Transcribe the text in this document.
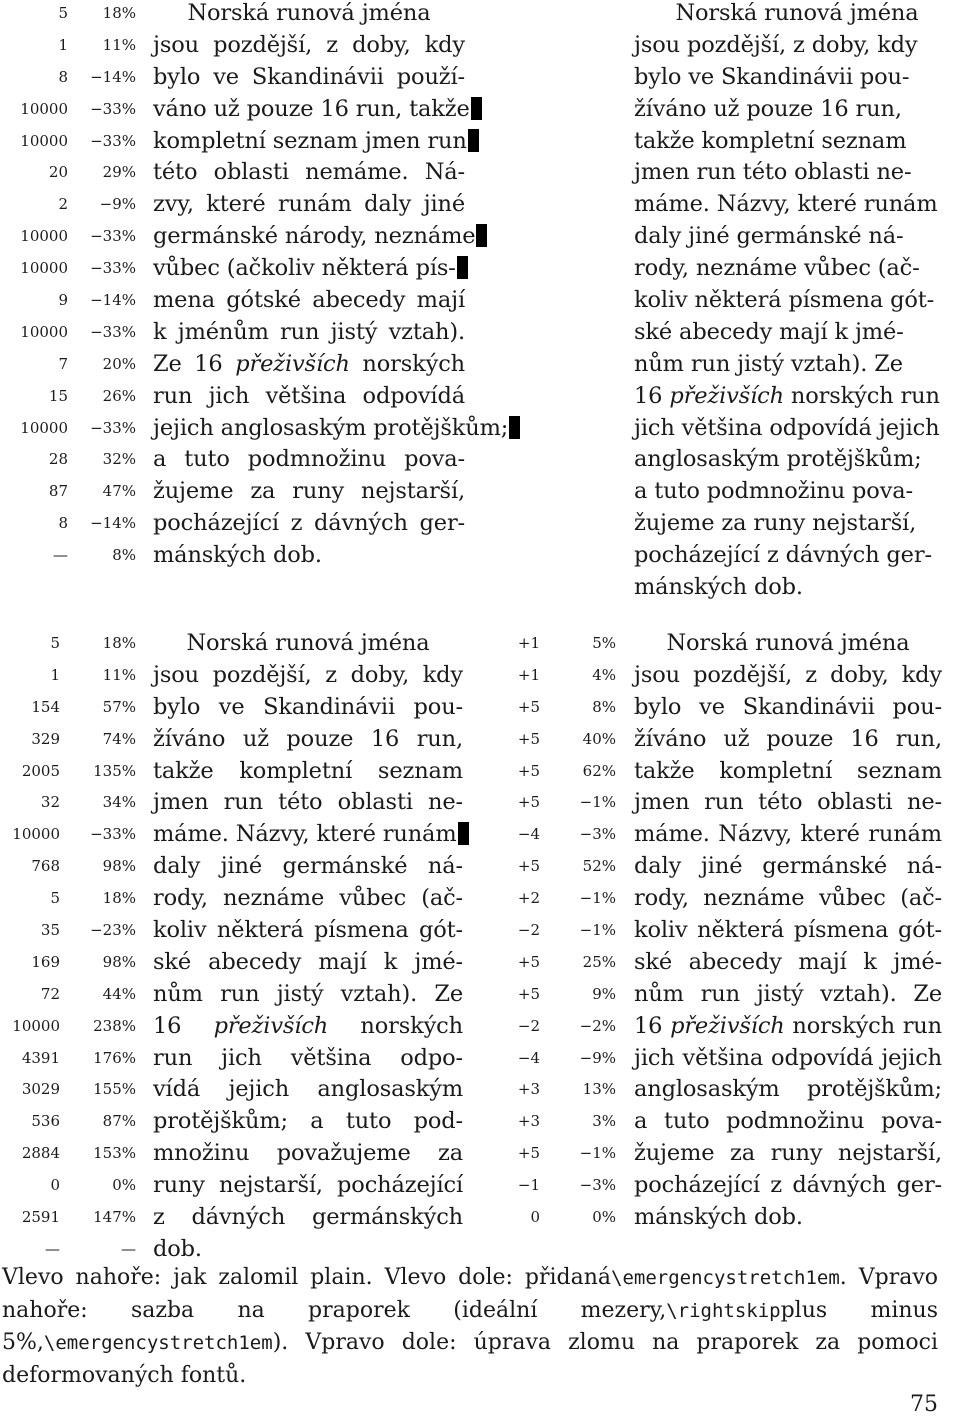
5	18%	Norská runová jména
1	11% jsou pozdější, z doby, kdy
8	−14% bylo ve Skandinávii použí-
10000	−33% váno už pouze 16 run, takže
10000	−33% kompletní seznam jmen run
20	29% této oblasti nemáme. Ná-
2	−9% zvy, které runám daly jiné
10000	−33% germánské národy, neznáme
10000	−33% vůbec (ačkoliv některá pís-
9	−14% mena gótské abecedy mají
10000	−33% k jménům run jistý vztah).
7	20% Ze 16 přeživších norských
15	26% run jich většina odpovídá
10000	−33% jejich anglosaským protějškům;
28	32% a tuto podmnožinu pova-
87	47% žujeme za runy nejstarší,
8	−14% pocházející z dávných ger-
—	8% mánských dob.
Norská runová jména
jsou pozdější, z doby, kdy
bylo ve Skandinávii pou-
žíváno už pouze 16 run,
takže kompletní seznam
jmen run této oblasti ne-
máme. Názvy, které runám
daly jiné germánské ná-
rody, neznáme vůbec (ač-
koliv některá písmena gót-
ské abecedy mají k jmé-
nům run jistý vztah). Ze
16 přeživších norských run
jich většina odpovídá jejich
anglosaským protějškům;
a tuto podmnožinu pova-
žujeme za runy nejstarší,
pocházející z dávných ger-
mánských dob.
5	18%	Norská runová jména
1	11% jsou pozdější, z doby, kdy
154	57% bylo ve Skandinávii pou-
329	74% žíváno už pouze 16 run,
2005	135% takže kompletní seznam
32	34% jmen run této oblasti ne-
10000	−33% máme. Názvy, které runám
768	98% daly jiné germánské ná-
5	18% rody, neznáme vůbec (ač-
35	−23% koliv některá písmena gót-
169	98% ské abecedy mají k jmé-
72	44% nům run jistý vztah). Ze
10000	238% 16 přeživších norských
4391	176% run jich většina odpo-
3029	155% vídá jejich anglosaským
536	87% protějškům; a tuto pod-
2884	153% množinu považujeme za
0	0% runy nejstarší, pocházející
2591	147% z dávných germánských
—	— dob.
+1	5%	Norská runová jména
+1	4% jsou pozdější, z doby, kdy
+5	8% bylo ve Skandinávii pou-
+5	40% žíváno už pouze 16 run,
+5	62% takže kompletní seznam
+5	−1% jmen run této oblasti ne-
−4	−3% máme. Názvy, které runám
+5	52% daly jiné germánské ná-
+2	−1% rody, neznáme vůbec (ač-
−2	−1% koliv některá písmena gót-
+5	25% ské abecedy mají k jmé-
+5	9% nům run jistý vztah). Ze
−2	−2% 16 přeživších norských run
−4	−9% jich většina odpovídá jejich
+3	13% anglosaským protějškům;
+3	3% a tuto podmnožinu pova-
+5	−1% žujeme za runy nejstarší,
−1	−3% pocházející z dávných ger-
0	0% mánských dob.
Vlevo nahoře: jak zalomil plain. Vlevo dole: přidaná\emergencystretch1em. Vpravo nahoře: sazba na praporek (ideální mezery,\rightskipplus minus 5%,\emergencystretch1em). Vpravo dole: úprava zlomu na praporek za pomoci deformovaných fontů.
75
